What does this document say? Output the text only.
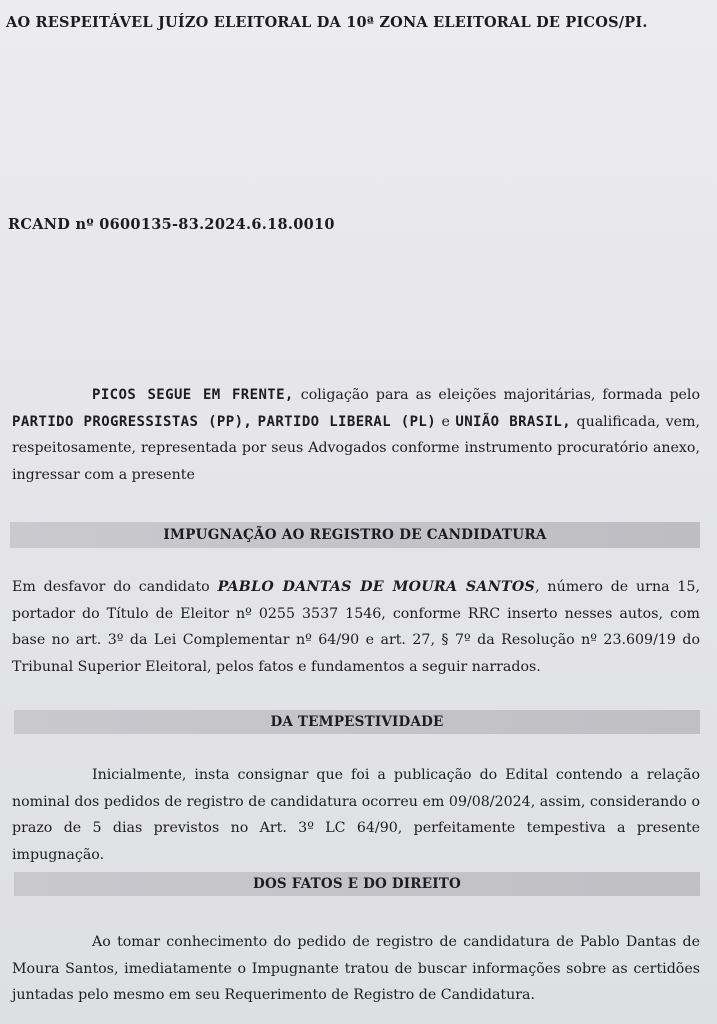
AO RESPEITÁVEL JUÍZO ELEITORAL DA 10ª ZONA ELEITORAL DE PICOS/PI.
RCAND nº 0600135-83.2024.6.18.0010
PICOS SEGUE EM FRENTE, coligação para as eleições majoritárias, formada pelo PARTIDO PROGRESSISTAS (PP), PARTIDO LIBERAL (PL) e UNIÃO BRASIL, qualificada, vem, respeitosamente, representada por seus Advogados conforme instrumento procuratório anexo, ingressar com a presente
IMPUGNAÇÃO AO REGISTRO DE CANDIDATURA
Em desfavor do candidato PABLO DANTAS DE MOURA SANTOS, número de urna 15, portador do Título de Eleitor nº 0255 3537 1546, conforme RRC inserto nesses autos, com base no art. 3º da Lei Complementar nº 64/90 e art. 27, § 7º da Resolução nº 23.609/19 do Tribunal Superior Eleitoral, pelos fatos e fundamentos a seguir narrados.
DA TEMPESTIVIDADE
Inicialmente, insta consignar que foi a publicação do Edital contendo a relação nominal dos pedidos de registro de candidatura ocorreu em 09/08/2024, assim, considerando o prazo de 5 dias previstos no Art. 3º LC 64/90, perfeitamente tempestiva a presente impugnação.
DOS FATOS E DO DIREITO
Ao tomar conhecimento do pedido de registro de candidatura de Pablo Dantas de Moura Santos, imediatamente o Impugnante tratou de buscar informações sobre as certidões juntadas pelo mesmo em seu Requerimento de Registro de Candidatura.
